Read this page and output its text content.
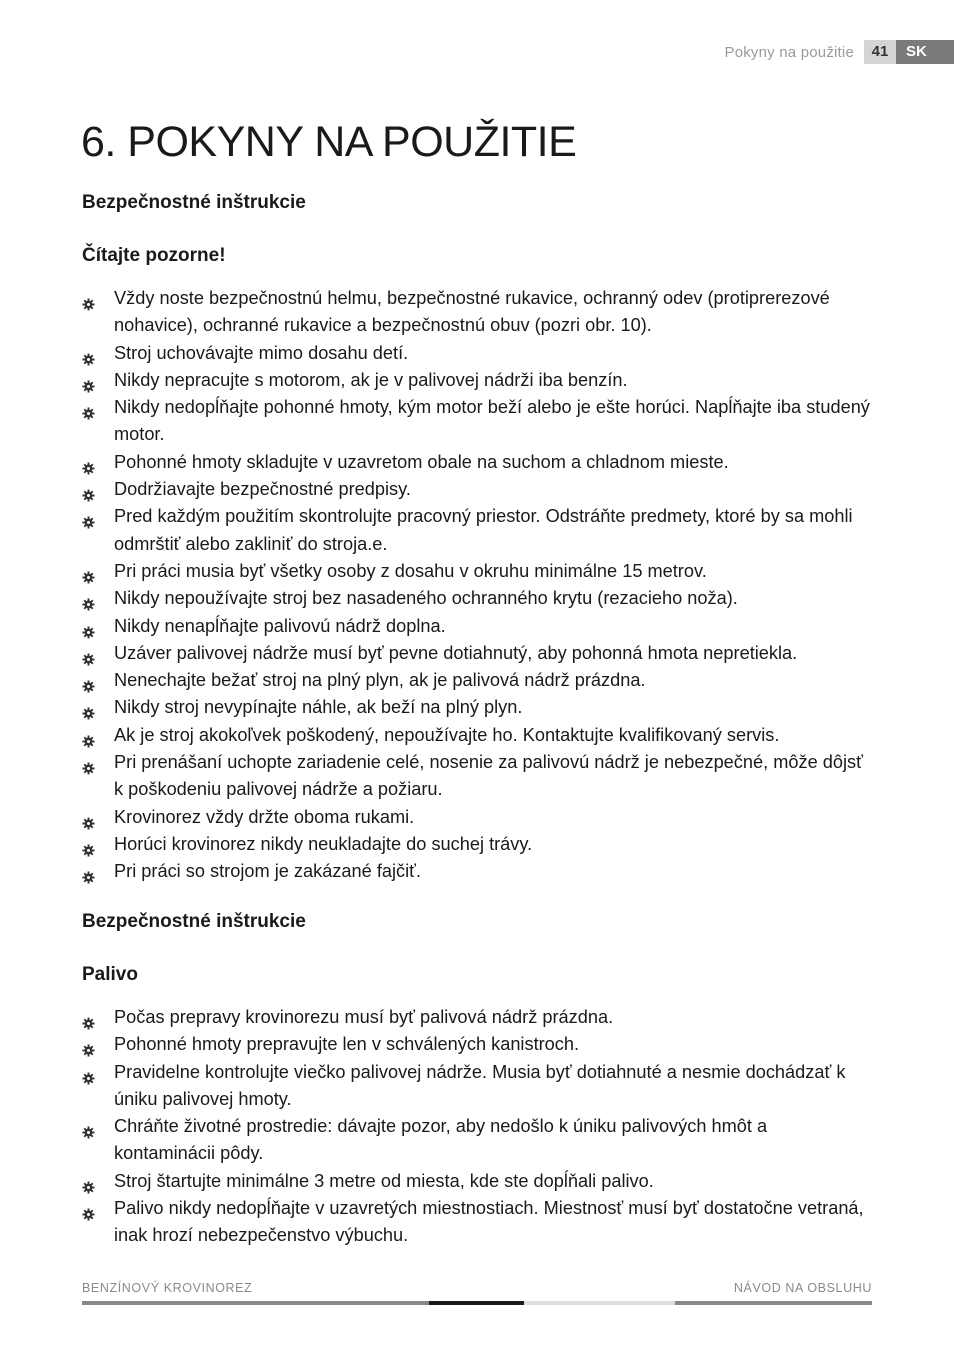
Pokyny na použitie	41	SK
6. POKYNY NA POUŽITIE
Bezpečnostné inštrukcie
Čítajte pozorne!
Vždy noste bezpečnostnú helmu, bezpečnostné rukavice, ochranný odev (protiprerezové nohavice), ochranné rukavice a bezpečnostnú obuv (pozri obr. 10).
Stroj uchovávajte mimo dosahu detí.
Nikdy nepracujte s motorom, ak je v palivovej nádrži iba benzín.
Nikdy nedopĺňajte pohonné hmoty, kým motor beží alebo je ešte horúci. Napĺňajte iba studený motor.
Pohonné hmoty skladujte v uzavretom obale na suchom a chladnom mieste.
Dodržiavajte bezpečnostné predpisy.
Pred každým použitím skontrolujte pracovný priestor. Odstráňte predmety, ktoré by sa mohli odmrštiť alebo zakliniť do stroja.e.
Pri práci musia byť všetky osoby z dosahu v okruhu minimálne 15 metrov.
Nikdy nepoužívajte stroj bez nasadeného ochranného krytu (rezacieho noža).
Nikdy nenapĺňajte palivovú nádrž doplna.
Uzáver palivovej nádrže musí byť pevne dotiahnutý, aby pohonná hmota nepretiekla.
Nenechajte bežať stroj na plný plyn, ak je palivová nádrž prázdna.
Nikdy stroj nevypínajte náhle, ak beží na plný plyn.
Ak je stroj akokoľvek poškodený, nepoužívajte ho. Kontaktujte kvalifikovaný servis.
Pri prenášaní uchopte zariadenie celé, nosenie za palivovú nádrž je nebezpečné, môže dôjsť k poškodeniu palivovej nádrže a požiaru.
Krovinorez vždy držte oboma rukami.
Horúci krovinorez nikdy neukladajte do suchej trávy.
Pri práci so strojom je zakázané fajčiť.
Bezpečnostné inštrukcie
Palivo
Počas prepravy krovinorezu musí byť palivová nádrž prázdna.
Pohonné hmoty prepravujte len v schválených kanistroch.
Pravidelne kontrolujte viečko palivovej nádrže. Musia byť dotiahnuté a nesmie dochádzať k úniku palivovej hmoty.
Chráňte životné prostredie: dávajte pozor, aby nedošlo k úniku palivových hmôt a kontaminácii pôdy.
Stroj štartujte minimálne 3 metre od miesta, kde ste dopĺňali palivo.
Palivo nikdy nedopĺňajte v uzavretých miestnostiach. Miestnosť musí byť dostatočne vetraná, inak hrozí nebezpečenstvo výbuchu.
BENZÍNOVÝ KROVINOREZ	NÁVOD NA OBSLUHU
